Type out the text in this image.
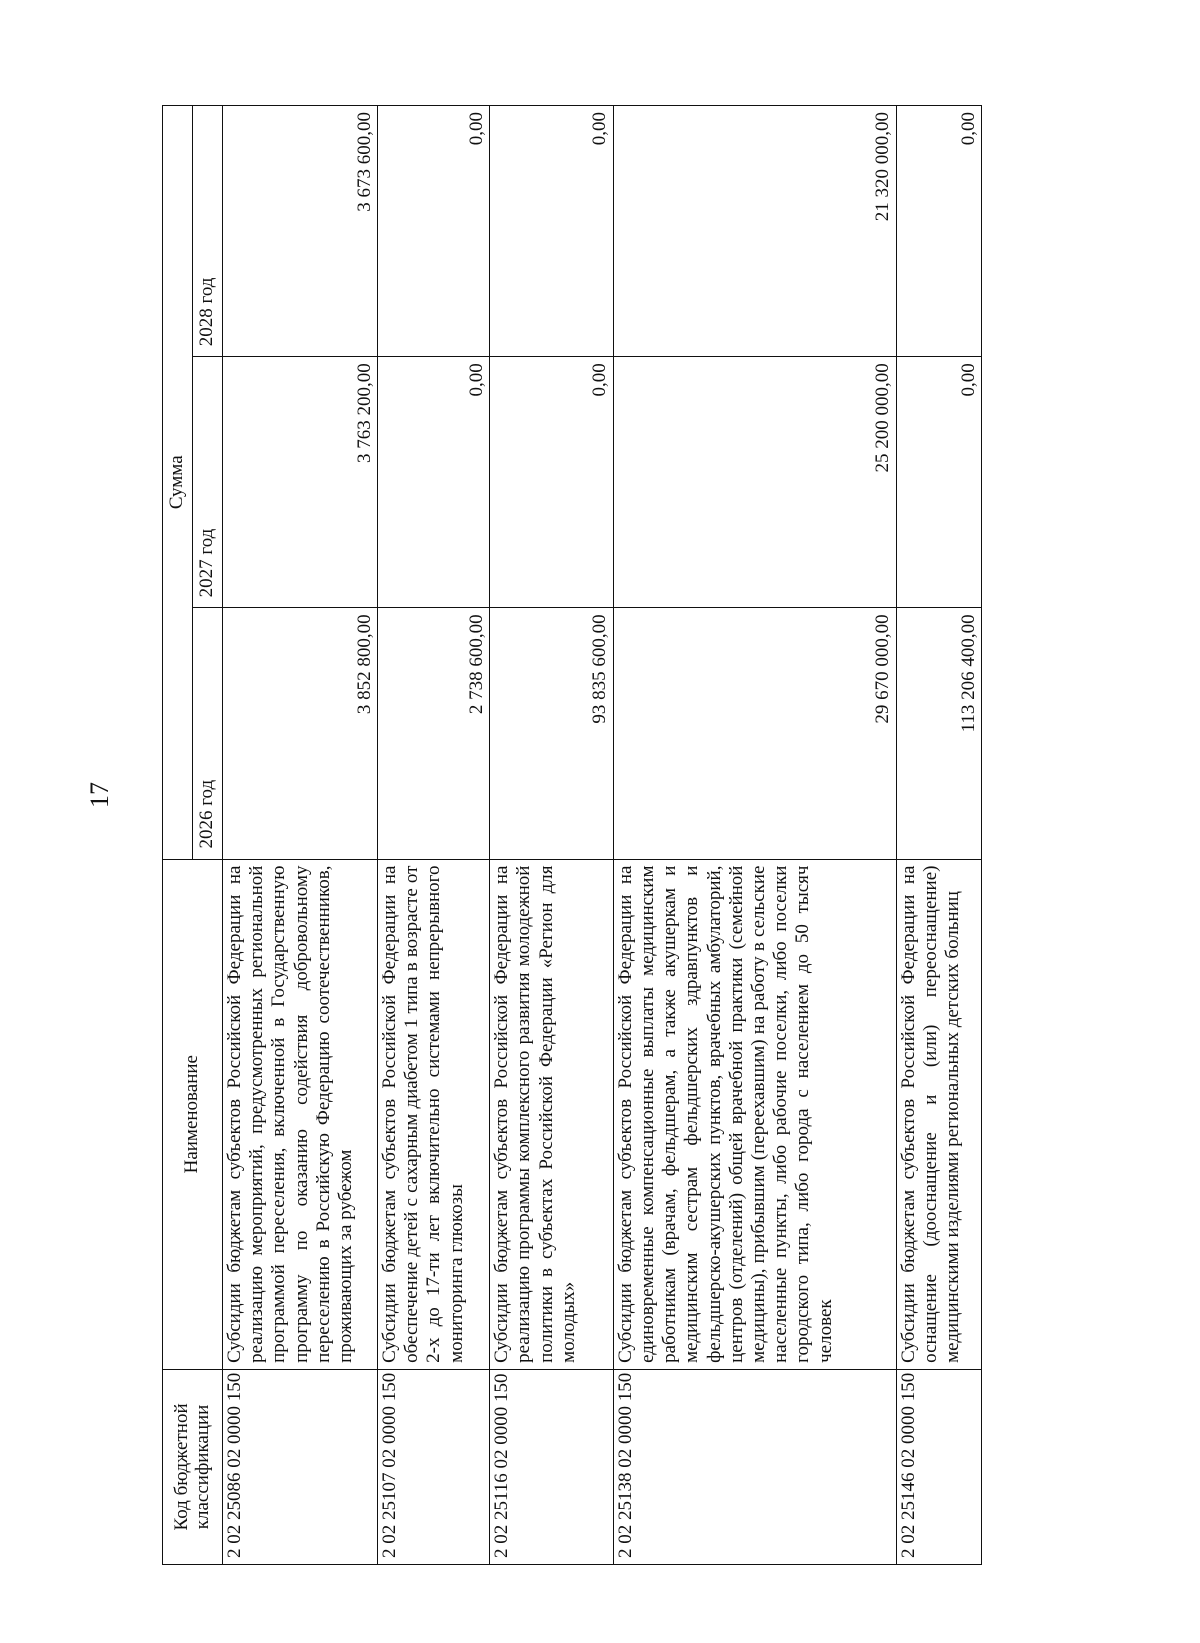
17
Код бюджетной классификации	Наименование	Сумма		
		2026 год	2027 год	2028 год
2 02 25086 02 0000 150	Субсидии бюджетам субъектов Российской Федерации на реализацию мероприятий, предусмотренных региональной программой переселения, включенной в Государственную программу по оказанию содействия добровольному переселению в Российскую Федерацию соотечественников, проживающих за рубежом	3 852 800,00	3 763 200,00	3 673 600,00
2 02 25107 02 0000 150	Субсидии бюджетам субъектов Российской Федерации на обеспечение детей с сахарным диабетом 1 типа в возрасте от 2-х до 17-ти лет включительно системами непрерывного мониторинга глюкозы	2 738 600,00	0,00	0,00
2 02 25116 02 0000 150	Субсидии бюджетам субъектов Российской Федерации на реализацию программы комплексного развития молодежной политики в субъектах Российской Федерации «Регион для молодых»	93 835 600,00	0,00	0,00
2 02 25138 02 0000 150	Субсидии бюджетам субъектов Российской Федерации на единовременные компенсационные выплаты медицинским работникам (врачам, фельдшерам, а также акушеркам и медицинским сестрам фельдшерских здравпунктов и фельдшерско-акушерских пунктов, врачебных амбулаторий, центров (отделений) общей врачебной практики (семейной медицины), прибывшим (переехавшим) на работу в сельские населенные пункты, либо рабочие поселки, либо поселки городского типа, либо города с населением до 50 тысяч человек	29 670 000,00	25 200 000,00	21 320 000,00
2 02 25146 02 0000 150	Субсидии бюджетам субъектов Российской Федерации на оснащение (дооснащение и (или) переоснащение) медицинскими изделиями региональных детских больниц	113 206 400,00	0,00	0,00
